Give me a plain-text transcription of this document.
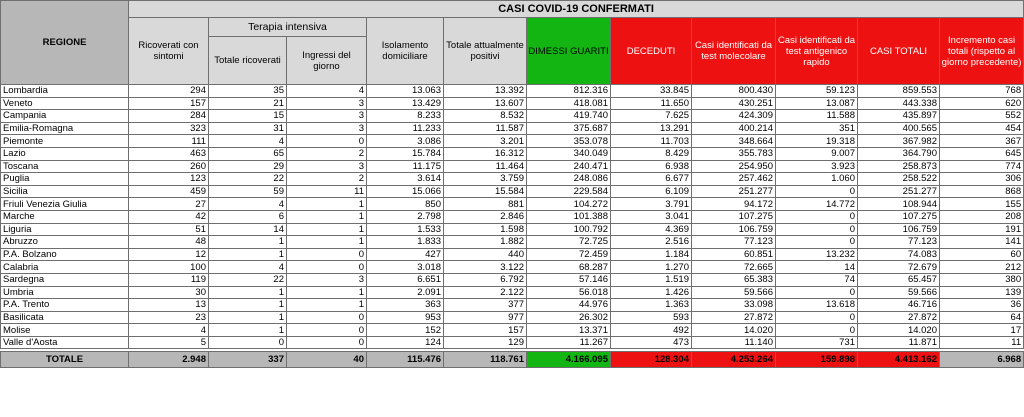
REGIONE	CASI COVID-19 CONFERMATI										
	Ricoverati con sintomi	Terapia intensiva		Isolamento domiciliare	Totale attualmente positivi	DIMESSI GUARITI	DECEDUTI	Casi identificati da test molecolare	Casi identificati da test antigenico rapido	CASI TOTALI	Incremento casi totali (rispetto al giorno precedente)
		Totale ricoverati	Ingressi del giorno								
Lombardia	294	35	4	13.063	13.392	812.316	33.845	800.430	59.123	859.553	768
Veneto	157	21	3	13.429	13.607	418.081	11.650	430.251	13.087	443.338	620
Campania	284	15	3	8.233	8.532	419.740	7.625	424.309	11.588	435.897	552
Emilia-Romagna	323	31	3	11.233	11.587	375.687	13.291	400.214	351	400.565	454
Piemonte	111	4	0	3.086	3.201	353.078	11.703	348.664	19.318	367.982	367
Lazio	463	65	2	15.784	16.312	340.049	8.429	355.783	9.007	364.790	645
Toscana	260	29	3	11.175	11.464	240.471	6.938	254.950	3.923	258.873	774
Puglia	123	22	2	3.614	3.759	248.086	6.677	257.462	1.060	258.522	306
Sicilia	459	59	11	15.066	15.584	229.584	6.109	251.277	0	251.277	868
Friuli Venezia Giulia	27	4	1	850	881	104.272	3.791	94.172	14.772	108.944	155
Marche	42	6	1	2.798	2.846	101.388	3.041	107.275	0	107.275	208
Liguria	51	14	1	1.533	1.598	100.792	4.369	106.759	0	106.759	191
Abruzzo	48	1	1	1.833	1.882	72.725	2.516	77.123	0	77.123	141
P.A. Bolzano	12	1	0	427	440	72.459	1.184	60.851	13.232	74.083	60
Calabria	100	4	0	3.018	3.122	68.287	1.270	72.665	14	72.679	212
Sardegna	119	22	3	6.651	6.792	57.146	1.519	65.383	74	65.457	380
Umbria	30	1	1	2.091	2.122	56.018	1.426	59.566	0	59.566	139
P.A. Trento	13	1	1	363	377	44.976	1.363	33.098	13.618	46.716	36
Basilicata	23	1	0	953	977	26.302	593	27.872	0	27.872	64
Molise	4	1	0	152	157	13.371	492	14.020	0	14.020	17
Valle d'Aosta	5	0	0	124	129	11.267	473	11.140	731	11.871	11

TOTALE	2.948	337	40	115.476	118.761	4.166.095	128.304	4.253.264	159.898	4.413.162	6.968
